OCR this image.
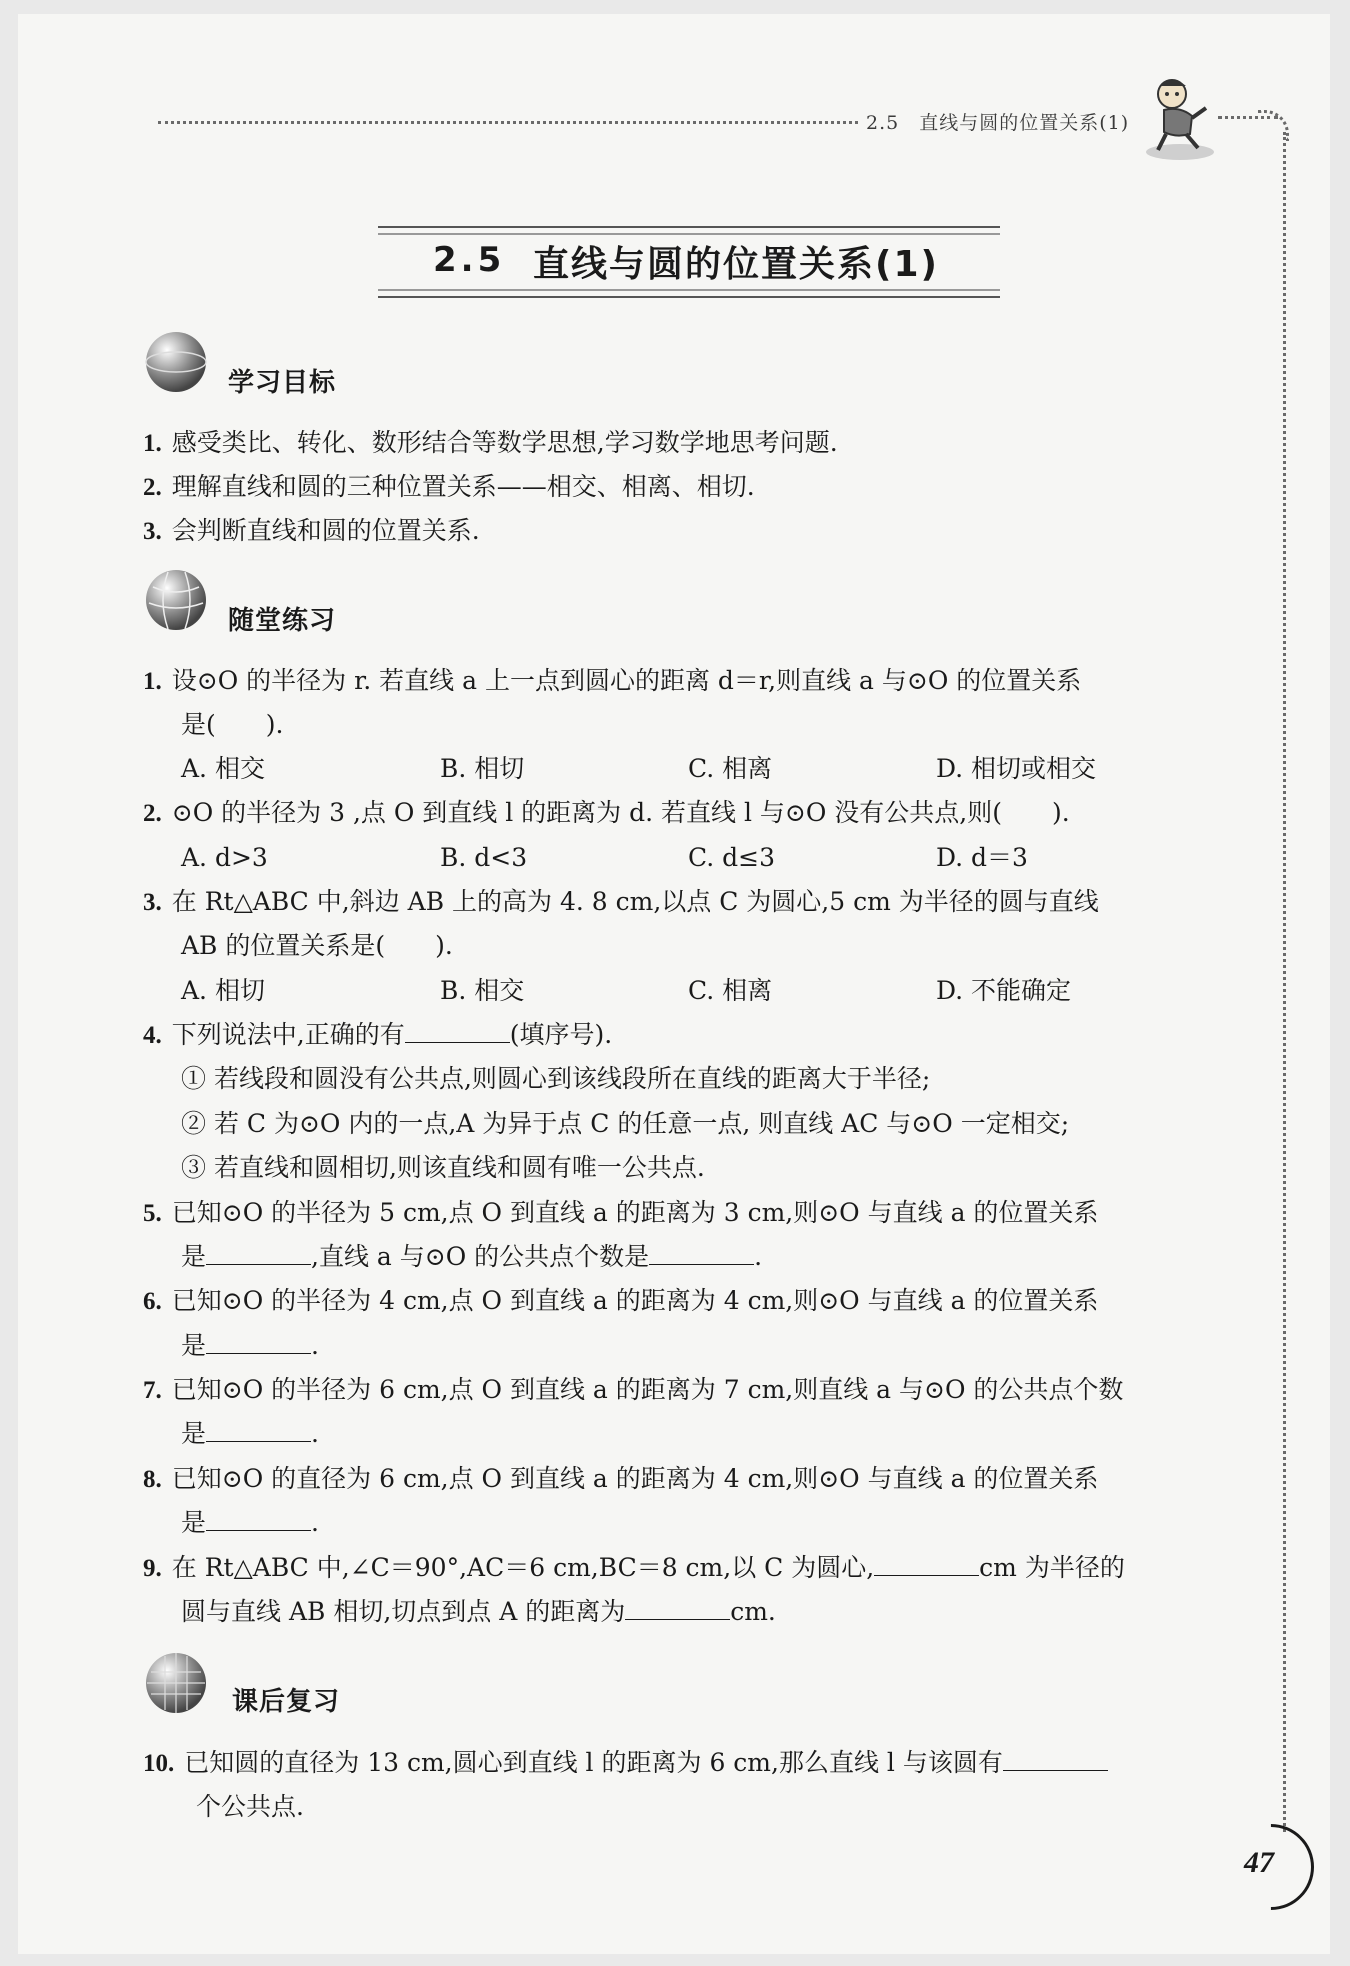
2.5　直线与圆的位置关系(1)
2.5 直线与圆的位置关系(1)
学习目标
1. 感受类比、转化、数形结合等数学思想,学习数学地思考问题.
2. 理解直线和圆的三种位置关系——相交、相离、相切.
3. 会判断直线和圆的位置关系.
随堂练习
1. 设⊙O 的半径为 r. 若直线 a 上一点到圆心的距离 d＝r,则直线 a 与⊙O 的位置关系
是(　　).
A. 相交	B. 相切	C. 相离	D. 相切或相交
2. ⊙O 的半径为 3 ,点 O 到直线 l 的距离为 d. 若直线 l 与⊙O 没有公共点,则(　　).
A. d>3	B. d<3	C. d≤3	D. d＝3
3. 在 Rt△ABC 中,斜边 AB 上的高为 4. 8 cm,以点 C 为圆心,5 cm 为半径的圆与直线
AB 的位置关系是(　　).
A. 相切	B. 相交	C. 相离	D. 不能确定
4. 下列说法中,正确的有	(填序号).
① 若线段和圆没有公共点,则圆心到该线段所在直线的距离大于半径;
② 若 C 为⊙O 内的一点,A 为异于点 C 的任意一点, 则直线 AC 与⊙O 一定相交;
③ 若直线和圆相切,则该直线和圆有唯一公共点.
5. 已知⊙O 的半径为 5 cm,点 O 到直线 a 的距离为 3 cm,则⊙O 与直线 a 的位置关系
是	,直线 a 与⊙O 的公共点个数是	.
6. 已知⊙O 的半径为 4 cm,点 O 到直线 a 的距离为 4 cm,则⊙O 与直线 a 的位置关系
是	.
7. 已知⊙O 的半径为 6 cm,点 O 到直线 a 的距离为 7 cm,则直线 a 与⊙O 的公共点个数
是	.
8. 已知⊙O 的直径为 6 cm,点 O 到直线 a 的距离为 4 cm,则⊙O 与直线 a 的位置关系
是	.
9. 在 Rt△ABC 中,∠C＝90°,AC＝6 cm,BC＝8 cm,以 C 为圆心,	cm 为半径的
圆与直线 AB 相切,切点到点 A 的距离为	cm.
课后复习
10. 已知圆的直径为 13 cm,圆心到直线 l 的距离为 6 cm,那么直线 l 与该圆有
个公共点.
47
